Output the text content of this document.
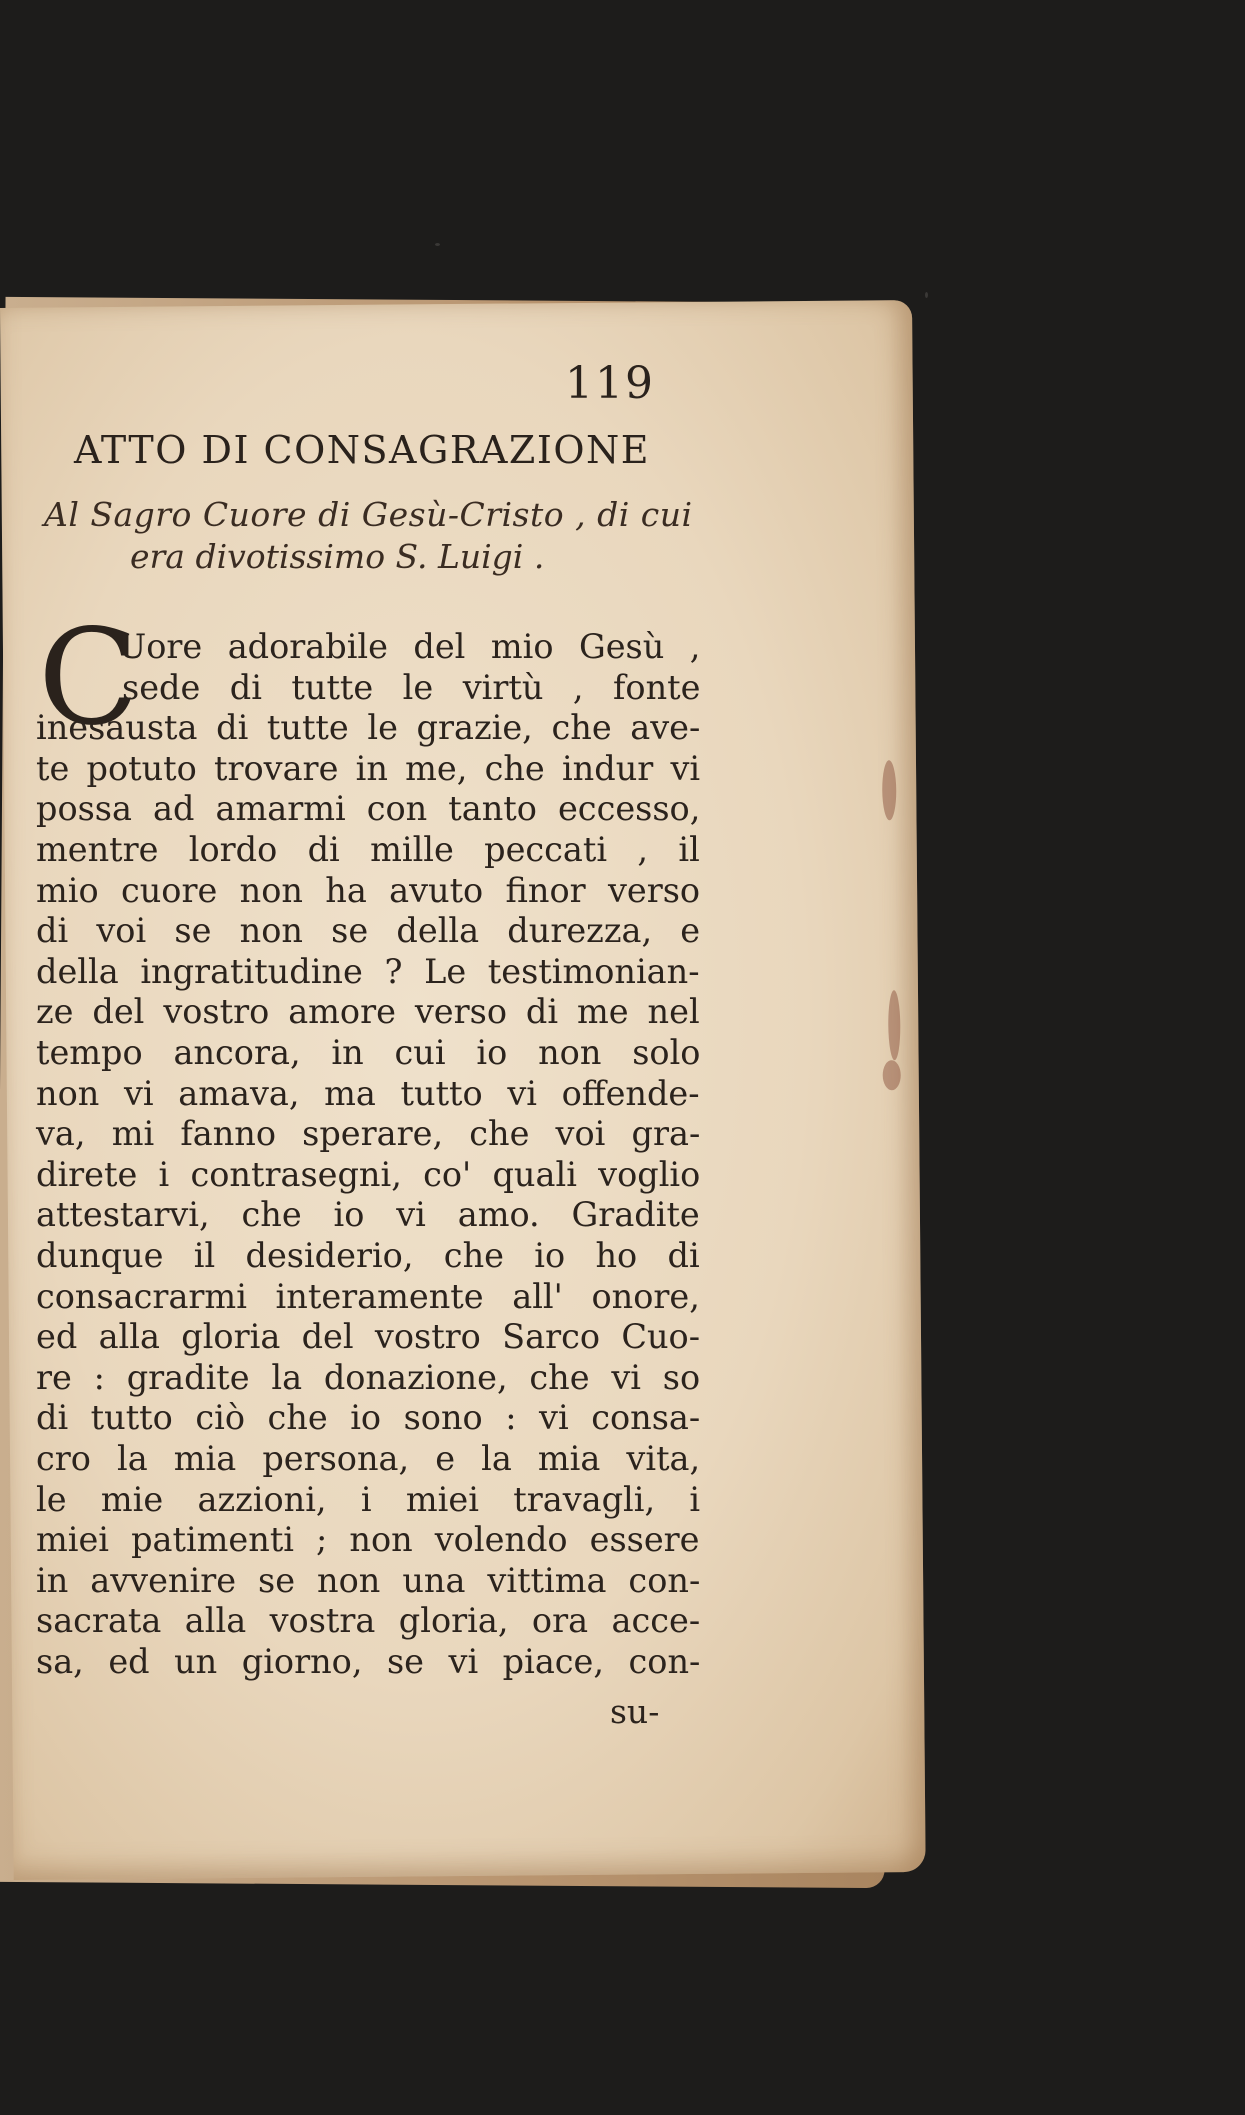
119
ATTO DI CONSAGRAZIONE
Al Sagro Cuore di Gesù-Cristo , di cui
era divotissimo S. Luigi .
C
Uore adorabile del mio Gesù ,
sede di tutte le virtù , fonte
inesausta di tutte le grazie, che ave-
te potuto trovare in me, che indur vi
possa ad amarmi con tanto eccesso,
mentre lordo di mille peccati , il
mio cuore non ha avuto finor verso
di voi se non se della durezza, e
della ingratitudine ? Le testimonian-
ze del vostro amore verso di me nel
tempo ancora, in cui io non solo
non vi amava, ma tutto vi offende-
va, mi fanno sperare, che voi gra-
direte i contrasegni, co' quali voglio
attestarvi, che io vi amo. Gradite
dunque il desiderio, che io ho di
consacrarmi interamente all' onore,
ed alla gloria del vostro Sarco Cuo-
re : gradite la donazione, che vi so
di tutto ciò che io sono : vi consa-
cro la mia persona, e la mia vita,
le mie azzioni, i miei travagli, i
miei patimenti ; non volendo essere
in avvenire se non una vittima con-
sacrata alla vostra gloria, ora acce-
sa, ed un giorno, se vi piace, con-
su-
